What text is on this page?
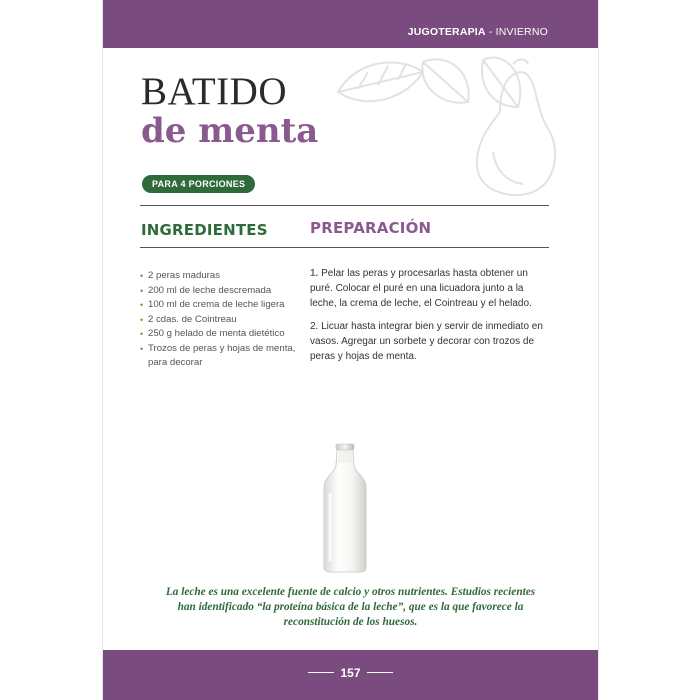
JUGOTERAPIA - INVIERNO
BATIDO
de menta
PARA 4 PORCIONES
INGREDIENTES	PREPARACIÓN
• 2 peras maduras
• 200 ml de leche descremada
• 100 ml de crema de leche ligera
• 2 cdas. de Cointreau
• 250 g helado de menta dietético
• Trozos de peras y hojas de menta, para decorar

1. Pelar las peras y procesarlas hasta obtener un puré. Colocar el puré en una licuadora junto a la leche, la crema de leche, el Cointreau y el helado.

2. Licuar hasta integrar bien y servir de inmediato en vasos. Agregar un sorbete y decorar con trozos de peras y hojas de menta.

La leche es una excelente fuente de calcio y otros nutrientes. Estudios recientes han identificado “la proteína básica de la leche”, que es la que favorece la reconstitución de los huesos.
157
